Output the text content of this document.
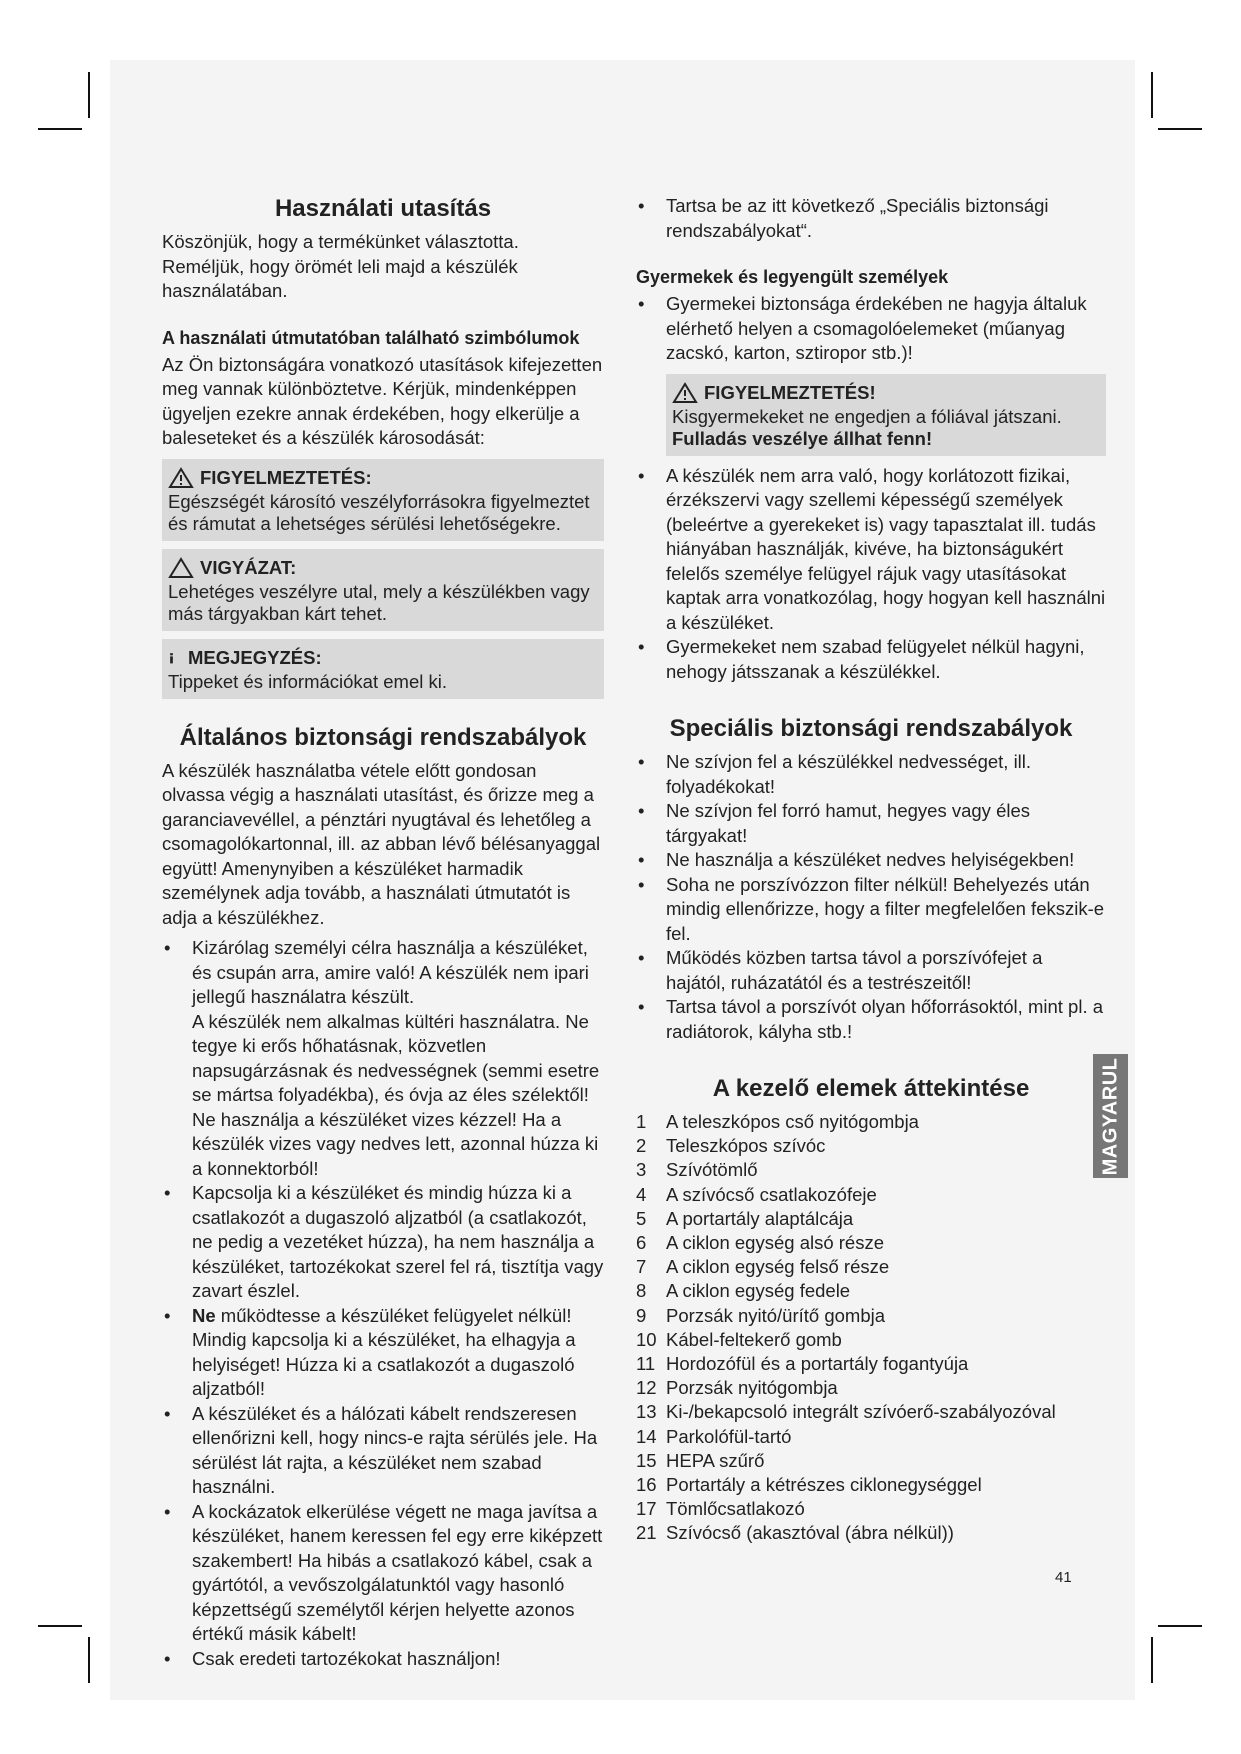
Használati utasítás

Köszönjük, hogy a termékünket választotta. Reméljük, hogy örömét leli majd a készülék használatában.

A használati útmutatóban található szimbólumok

Az Ön biztonságára vonatkozó utasítások kifejezetten meg vannak különböztetve. Kérjük, mindenképpen ügyeljen ezekre annak érdekében, hogy elkerülje a baleseteket és a készülék károsodását:

FIGYELMEZTETÉS:
Egészségét károsító veszélyforrásokra figyelmeztet és rámutat a lehetséges sérülési lehetőségekre.
VIGYÁZAT:
Lehetéges veszélyre utal, mely a készülékben vagy más tárgyakban kárt tehet.
MEGJEGYZÉS:
Tippeket és információkat emel ki.
Általános biztonsági rendszabályok

A készülék használatba vétele előtt gondosan olvassa végig a használati utasítást, és őrizze meg a garanciavevéllel, a pénztári nyugtával és lehetőleg a csomagolókartonnal, ill. az abban lévő bélésanyaggal együtt! Amenynyiben a készüléket harmadik személynek adja tovább, a használati útmutatót is adja a készülékhez.

• Kizárólag személyi célra használja a készüléket, és csupán arra, amire való! A készülék nem ipari jellegű használatra készült.
A készülék nem alkalmas kültéri használatra. Ne tegye ki erős hőhatásnak, közvetlen napsugárzásnak és nedvességnek (semmi esetre se mártsa folyadékba), és óvja az éles szélektől! Ne használja a készüléket vizes kézzel! Ha a készülék vizes vagy nedves lett, azonnal húzza ki a konnektorból!
• Kapcsolja ki a készüléket és mindig húzza ki a csatlakozót a dugaszoló aljzatból (a csatlakozót, ne pedig a vezetéket húzza), ha nem használja a készüléket, tartozékokat szerel fel rá, tisztítja vagy zavart észlel.
• Ne működtesse a készüléket felügyelet nélkül! Mindig kapcsolja ki a készüléket, ha elhagyja a helyiséget! Húzza ki a csatlakozót a dugaszoló aljzatból!
• A készüléket és a hálózati kábelt rendszeresen ellenőrizni kell, hogy nincs-e rajta sérülés jele. Ha sérülést lát rajta, a készüléket nem szabad használni.
• A kockázatok elkerülése végett ne maga javítsa a készüléket, hanem keressen fel egy erre kiképzett szakembert! Ha hibás a csatlakozó kábel, csak a gyártótól, a vevőszolgálatunktól vagy hasonló képzettségű személytől kérjen helyette azonos értékű másik kábelt!
• Csak eredeti tartozékokat használjon!
• Tartsa be az itt következő „Speciális biztonsági rendszabályokat“.
Gyermekek és legyengült személyek
• Gyermekei biztonsága érdekében ne hagyja általuk elérhető helyen a csomagolóelemeket (műanyag zacskó, karton, sztiropor stb.)!
FIGYELMEZTETÉS!
Kisgyermekeket ne engedjen a fóliával játszani.
Fulladás veszélye állhat fenn!
• A készülék nem arra való, hogy korlátozott fizikai, érzékszervi vagy szellemi képességű személyek (beleértve a gyerekeket is) vagy tapasztalat ill. tudás hiányában használják, kivéve, ha biztonságukért felelős személye felügyel rájuk vagy utasításokat kaptak arra vonatkozólag, hogy hogyan kell használni a készüléket.
• Gyermekeket nem szabad felügyelet nélkül hagyni, nehogy játsszanak a készülékkel.
Speciális biztonsági rendszabályok
• Ne szívjon fel a készülékkel nedvességet, ill. folyadékokat!
• Ne szívjon fel forró hamut, hegyes vagy éles tárgyakat!
• Ne használja a készüléket nedves helyiségekben!
• Soha ne porszívózzon filter nélkül! Behelyezés után mindig ellenőrizze, hogy a filter megfelelően fekszik-e fel.
• Működés közben tartsa távol a porszívófejet a hajától, ruházatától és a testrészeitől!
• Tartsa távol a porszívót olyan hőforrásoktól, mint pl. a radiátorok, kályha stb.!
A kezelő elemek áttekintése
1	A teleszkópos cső nyitógombja
2	Teleszkópos szívóc
3	Szívótömlő
4	A szívócső csatlakozófeje
5	A portartály alaptálcája
6	A ciklon egység alsó része
7	A ciklon egység felső része
8	A ciklon egység fedele
9	Porzsák nyitó/ürítő gombja
10 Kábel-feltekerő gomb
11 Hordozófül és a portartály fogantyúja
12 Porzsák nyitógombja
13 Ki-/bekapcsoló integrált szívóerő-szabályozóval
14 Parkolófül-tartó
15 HEPA szűrő
16 Portartály a kétrészes ciklonegységgel
17 Tömlőcsatlakozó
21 Szívócső (akasztóval (ábra nélkül))
MAGYARUL
41
